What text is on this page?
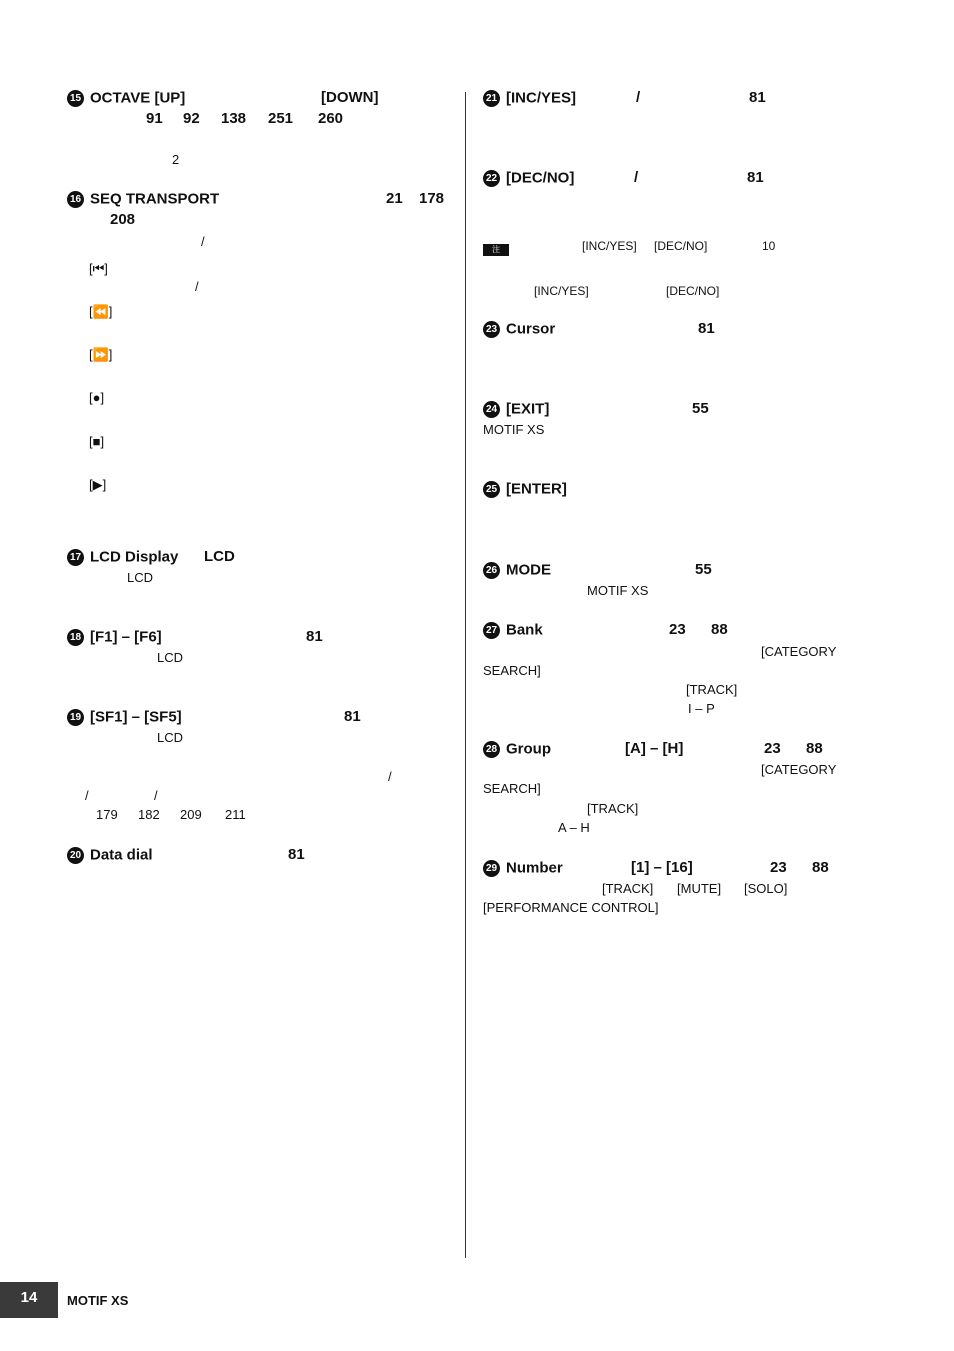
15 OCTAVE [UP]	[DOWN]
91 92 138 251 260
2
16 SEQ TRANSPORT	21 178
208
/
[⏮]
/
[⏪]
[⏩]
[●]
[■]
[▶]
17 LCD Display LCD
LCD
18 [F1] – [F6]	81
LCD
19 [SF1] – [SF5]	81
LCD
/
/	/
179 182 209 211
20 Data dial	81
21 [INC/YES]	/	81
22 [DEC/NO]	/	81
注	[INC/YES] [DEC/NO]	10
[INC/YES]	[DEC/NO]
23 Cursor	81
24 [EXIT]	55
MOTIF XS
25 [ENTER]
26 MODE	55
MOTIF XS
27 Bank	23 88
[CATEGORY
SEARCH]
[TRACK]
I – P
28 Group	[A] – [H]	23 88
[CATEGORY
SEARCH]
[TRACK]
A – H
29 Number	[1] – [16]	23 88
[TRACK] [MUTE] [SOLO]
[PERFORMANCE CONTROL]
14	MOTIF XS
